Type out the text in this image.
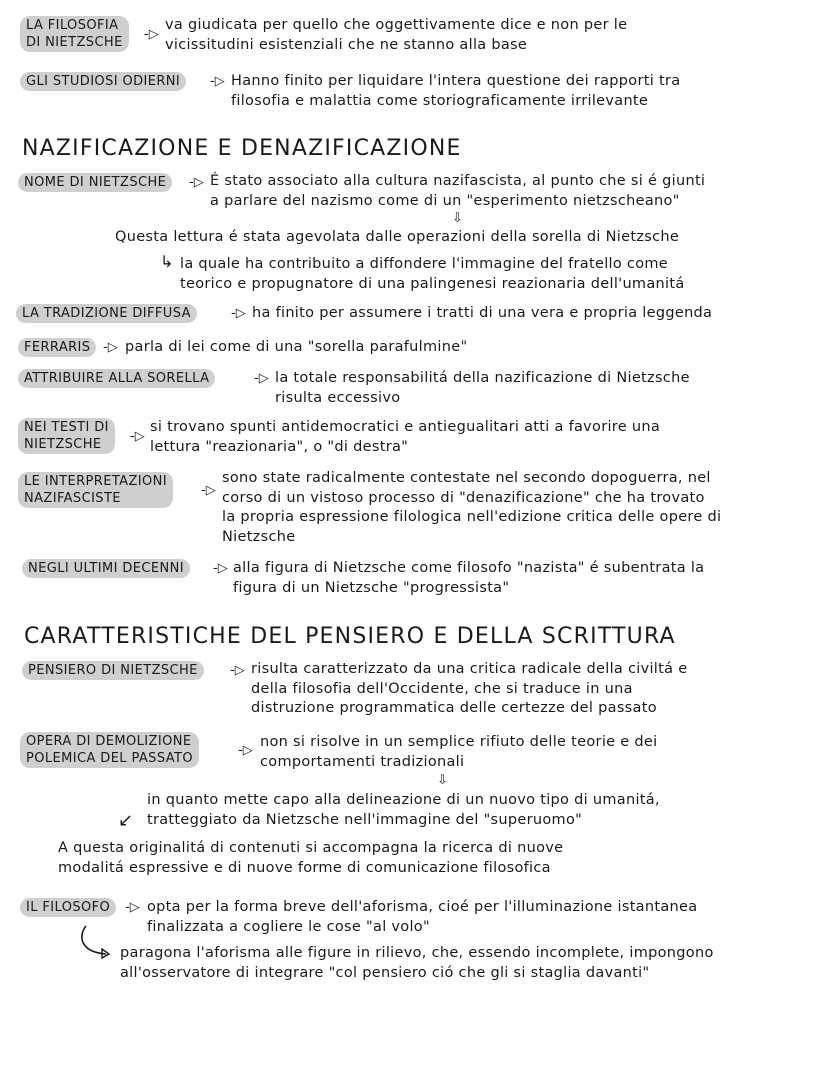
LA FILOSOFIA
DI NIETZSCHE
-▷
va giudicata per quello che oggettivamente dice e non per le
vicissitudini esistenziali che ne stanno alla base
GLI STUDIOSI ODIERNI	-▷ Hanno finito per liquidare l'intera questione dei rapporti tra
filosofia e malattia come storiograficamente irrilevante
NAZIFICAZIONE E DENAZIFICAZIONE
NOME DI NIETZSCHE	-▷ É stato associato alla cultura nazifascista, al punto che si é giunti
a parlare del nazismo come di un "esperimento nietzscheano"
⇩
Questa lettura é stata agevolata dalle operazioni della sorella di Nietzsche
↳ la quale ha contribuito a diffondere l'immagine del fratello come
teorico e propugnatore di una palingenesi reazionaria dell'umanitá
LA TRADIZIONE DIFFUSA	-▷ ha finito per assumere i tratti di una vera e propria leggenda
FERRARIS -▷ parla di lei come di una "sorella parafulmine"
ATTRIBUIRE ALLA SORELLA	-▷ la totale responsabilitá della nazificazione di Nietzsche
risulta eccessivo
NEI TESTI DI
NIETZSCHE
-▷
si trovano spunti antidemocratici e antiegualitari atti a favorire una
lettura "reazionaria", o "di destra"
LE INTERPRETAZIONI
NAZIFASCISTE
-▷
sono state radicalmente contestate nel secondo dopoguerra, nel
corso di un vistoso processo di "denazificazione" che ha trovato
la propria espressione filologica nell'edizione critica delle opere di
Nietzsche
NEGLI ULTIMI DECENNI	-▷ alla figura di Nietzsche come filosofo "nazista" é subentrata la
figura di un Nietzsche "progressista"
CARATTERISTICHE DEL PENSIERO E DELLA SCRITTURA
PENSIERO DI NIETZSCHE	-▷ risulta caratterizzato da una critica radicale della civiltá e
della filosofia dell'Occidente, che si traduce in una
distruzione programmatica delle certezze del passato
OPERA DI DEMOLIZIONE
POLEMICA DEL PASSATO
-▷
non si risolve in un semplice rifiuto delle teorie e dei
comportamenti tradizionali
⇩
↙
in quanto mette capo alla delineazione di un nuovo tipo di umanitá,
tratteggiato da Nietzsche nell'immagine del "superuomo"
A questa originalitá di contenuti si accompagna la ricerca di nuove
modalitá espressive e di nuove forme di comunicazione filosofica
IL FILOSOFO	-▷ opta per la forma breve dell'aforisma, cioé per l'illuminazione istantanea
finalizzata a cogliere le cose "al volo"
paragona l'aforisma alle figure in rilievo, che, essendo incomplete, impongono
all'osservatore di integrare "col pensiero ció che gli si staglia davanti"
